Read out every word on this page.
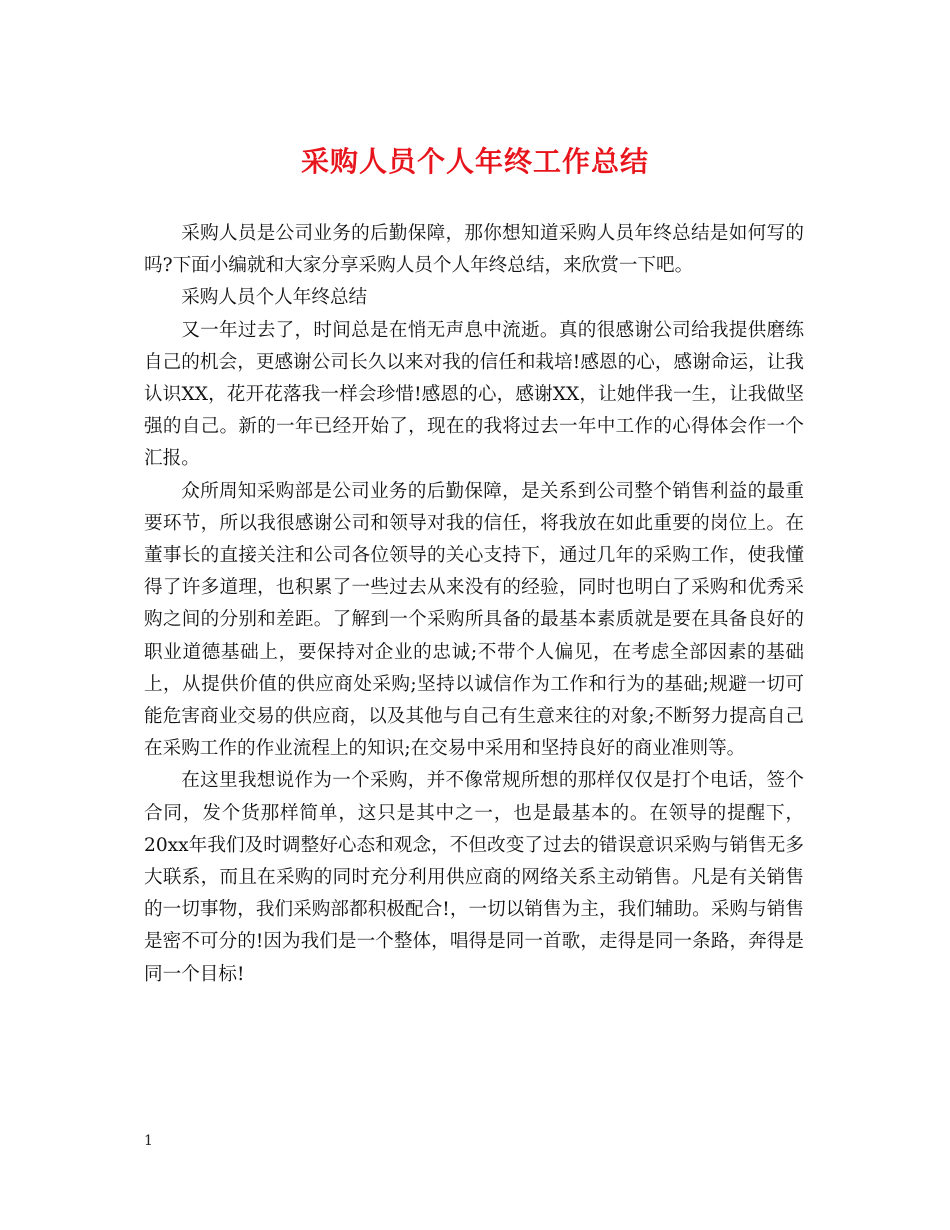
采购人员个人年终工作总结

采购人员是公司业务的后勤保障，那你想知道采购人员年终总结是如何写的吗?下面小编就和大家分享采购人员个人年终总结，来欣赏一下吧。

采购人员个人年终总结

又一年过去了，时间总是在悄无声息中流逝。真的很感谢公司给我提供磨练自己的机会，更感谢公司长久以来对我的信任和栽培!感恩的心，感谢命运，让我认识XX，花开花落我一样会珍惜!感恩的心，感谢XX，让她伴我一生，让我做坚强的自己。新的一年已经开始了，现在的我将过去一年中工作的心得体会作一个汇报。

众所周知采购部是公司业务的后勤保障，是关系到公司整个销售利益的最重要环节，所以我很感谢公司和领导对我的信任，将我放在如此重要的岗位上。在董事长的直接关注和公司各位领导的关心支持下，通过几年的采购工作，使我懂得了许多道理，也积累了一些过去从来没有的经验，同时也明白了采购和优秀采购之间的分别和差距。了解到一个采购所具备的最基本素质就是要在具备良好的职业道德基础上，要保持对企业的忠诚;不带个人偏见，在考虑全部因素的基础上，从提供价值的供应商处采购;坚持以诚信作为工作和行为的基础;规避一切可能危害商业交易的供应商，以及其他与自己有生意来往的对象;不断努力提高自己在采购工作的作业流程上的知识;在交易中采用和坚持良好的商业准则等。

在这里我想说作为一个采购，并不像常规所想的那样仅仅是打个电话，签个合同，发个货那样简单，这只是其中之一，也是最基本的。在领导的提醒下，20xx年我们及时调整好心态和观念，不但改变了过去的错误意识采购与销售无多大联系，而且在采购的同时充分利用供应商的网络关系主动销售。凡是有关销售的一切事物，我们采购部都积极配合!，一切以销售为主，我们辅助。采购与销售是密不可分的!因为我们是一个整体，唱得是同一首歌，走得是同一条路，奔得是同一个目标!

1
